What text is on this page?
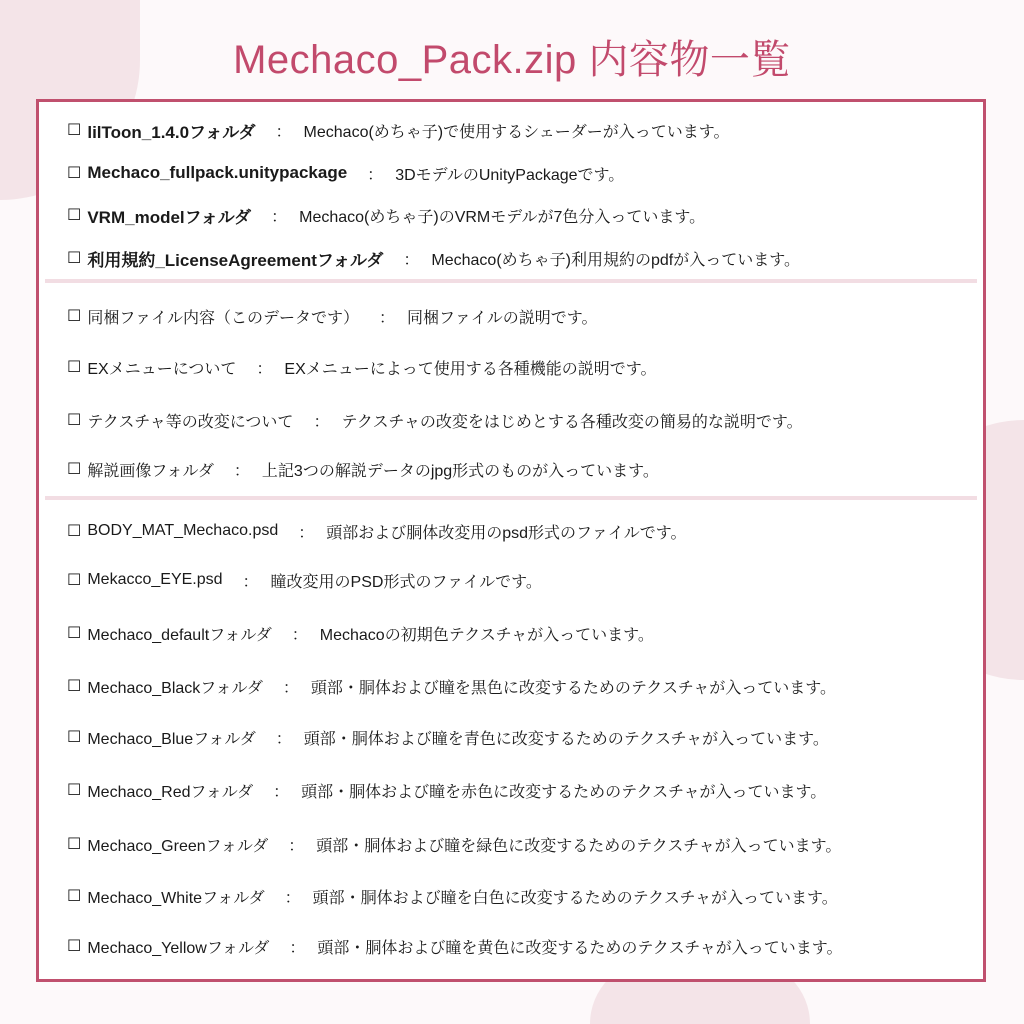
Mechaco_Pack.zip 内容物一覧
☐ lilToon_1.4.0フォルダ ： Mechaco(めちゃ子)で使用するシェーダーが入っています。
☐ Mechaco_fullpack.unitypackage ： 3DモデルのUnityPackageです。
☐ VRM_modelフォルダ ： Mechaco(めちゃ子)のVRMモデルが7色分入っています。
☐ 利用規約_LicenseAgreementフォルダ ： Mechaco(めちゃ子)利用規約のpdfが入っています。
☐ 同梱ファイル内容（このデータです） ： 同梱ファイルの説明です。
☐ EXメニューについて ： EXメニューによって使用する各種機能の説明です。
☐ テクスチャ等の改変について ： テクスチャの改変をはじめとする各種改変の簡易的な説明です。
☐ 解説画像フォルダ ： 上記3つの解説データのjpg形式のものが入っています。
☐ BODY_MAT_Mechaco.psd ： 頭部および胴体改変用のpsd形式のファイルです。
☐ Mekacco_EYE.psd ： 瞳改変用のPSD形式のファイルです。
☐ Mechaco_defaultフォルダ ： Mechacoの初期色テクスチャが入っています。
☐ Mechaco_Blackフォルダ ： 頭部・胴体および瞳を黒色に改変するためのテクスチャが入っています。
☐ Mechaco_Blueフォルダ ： 頭部・胴体および瞳を青色に改変するためのテクスチャが入っています。
☐ Mechaco_Redフォルダ ： 頭部・胴体および瞳を赤色に改変するためのテクスチャが入っています。
☐ Mechaco_Greenフォルダ ： 頭部・胴体および瞳を緑色に改変するためのテクスチャが入っています。
☐ Mechaco_Whiteフォルダ ： 頭部・胴体および瞳を白色に改変するためのテクスチャが入っています。
☐ Mechaco_Yellowフォルダ ： 頭部・胴体および瞳を黄色に改変するためのテクスチャが入っています。
